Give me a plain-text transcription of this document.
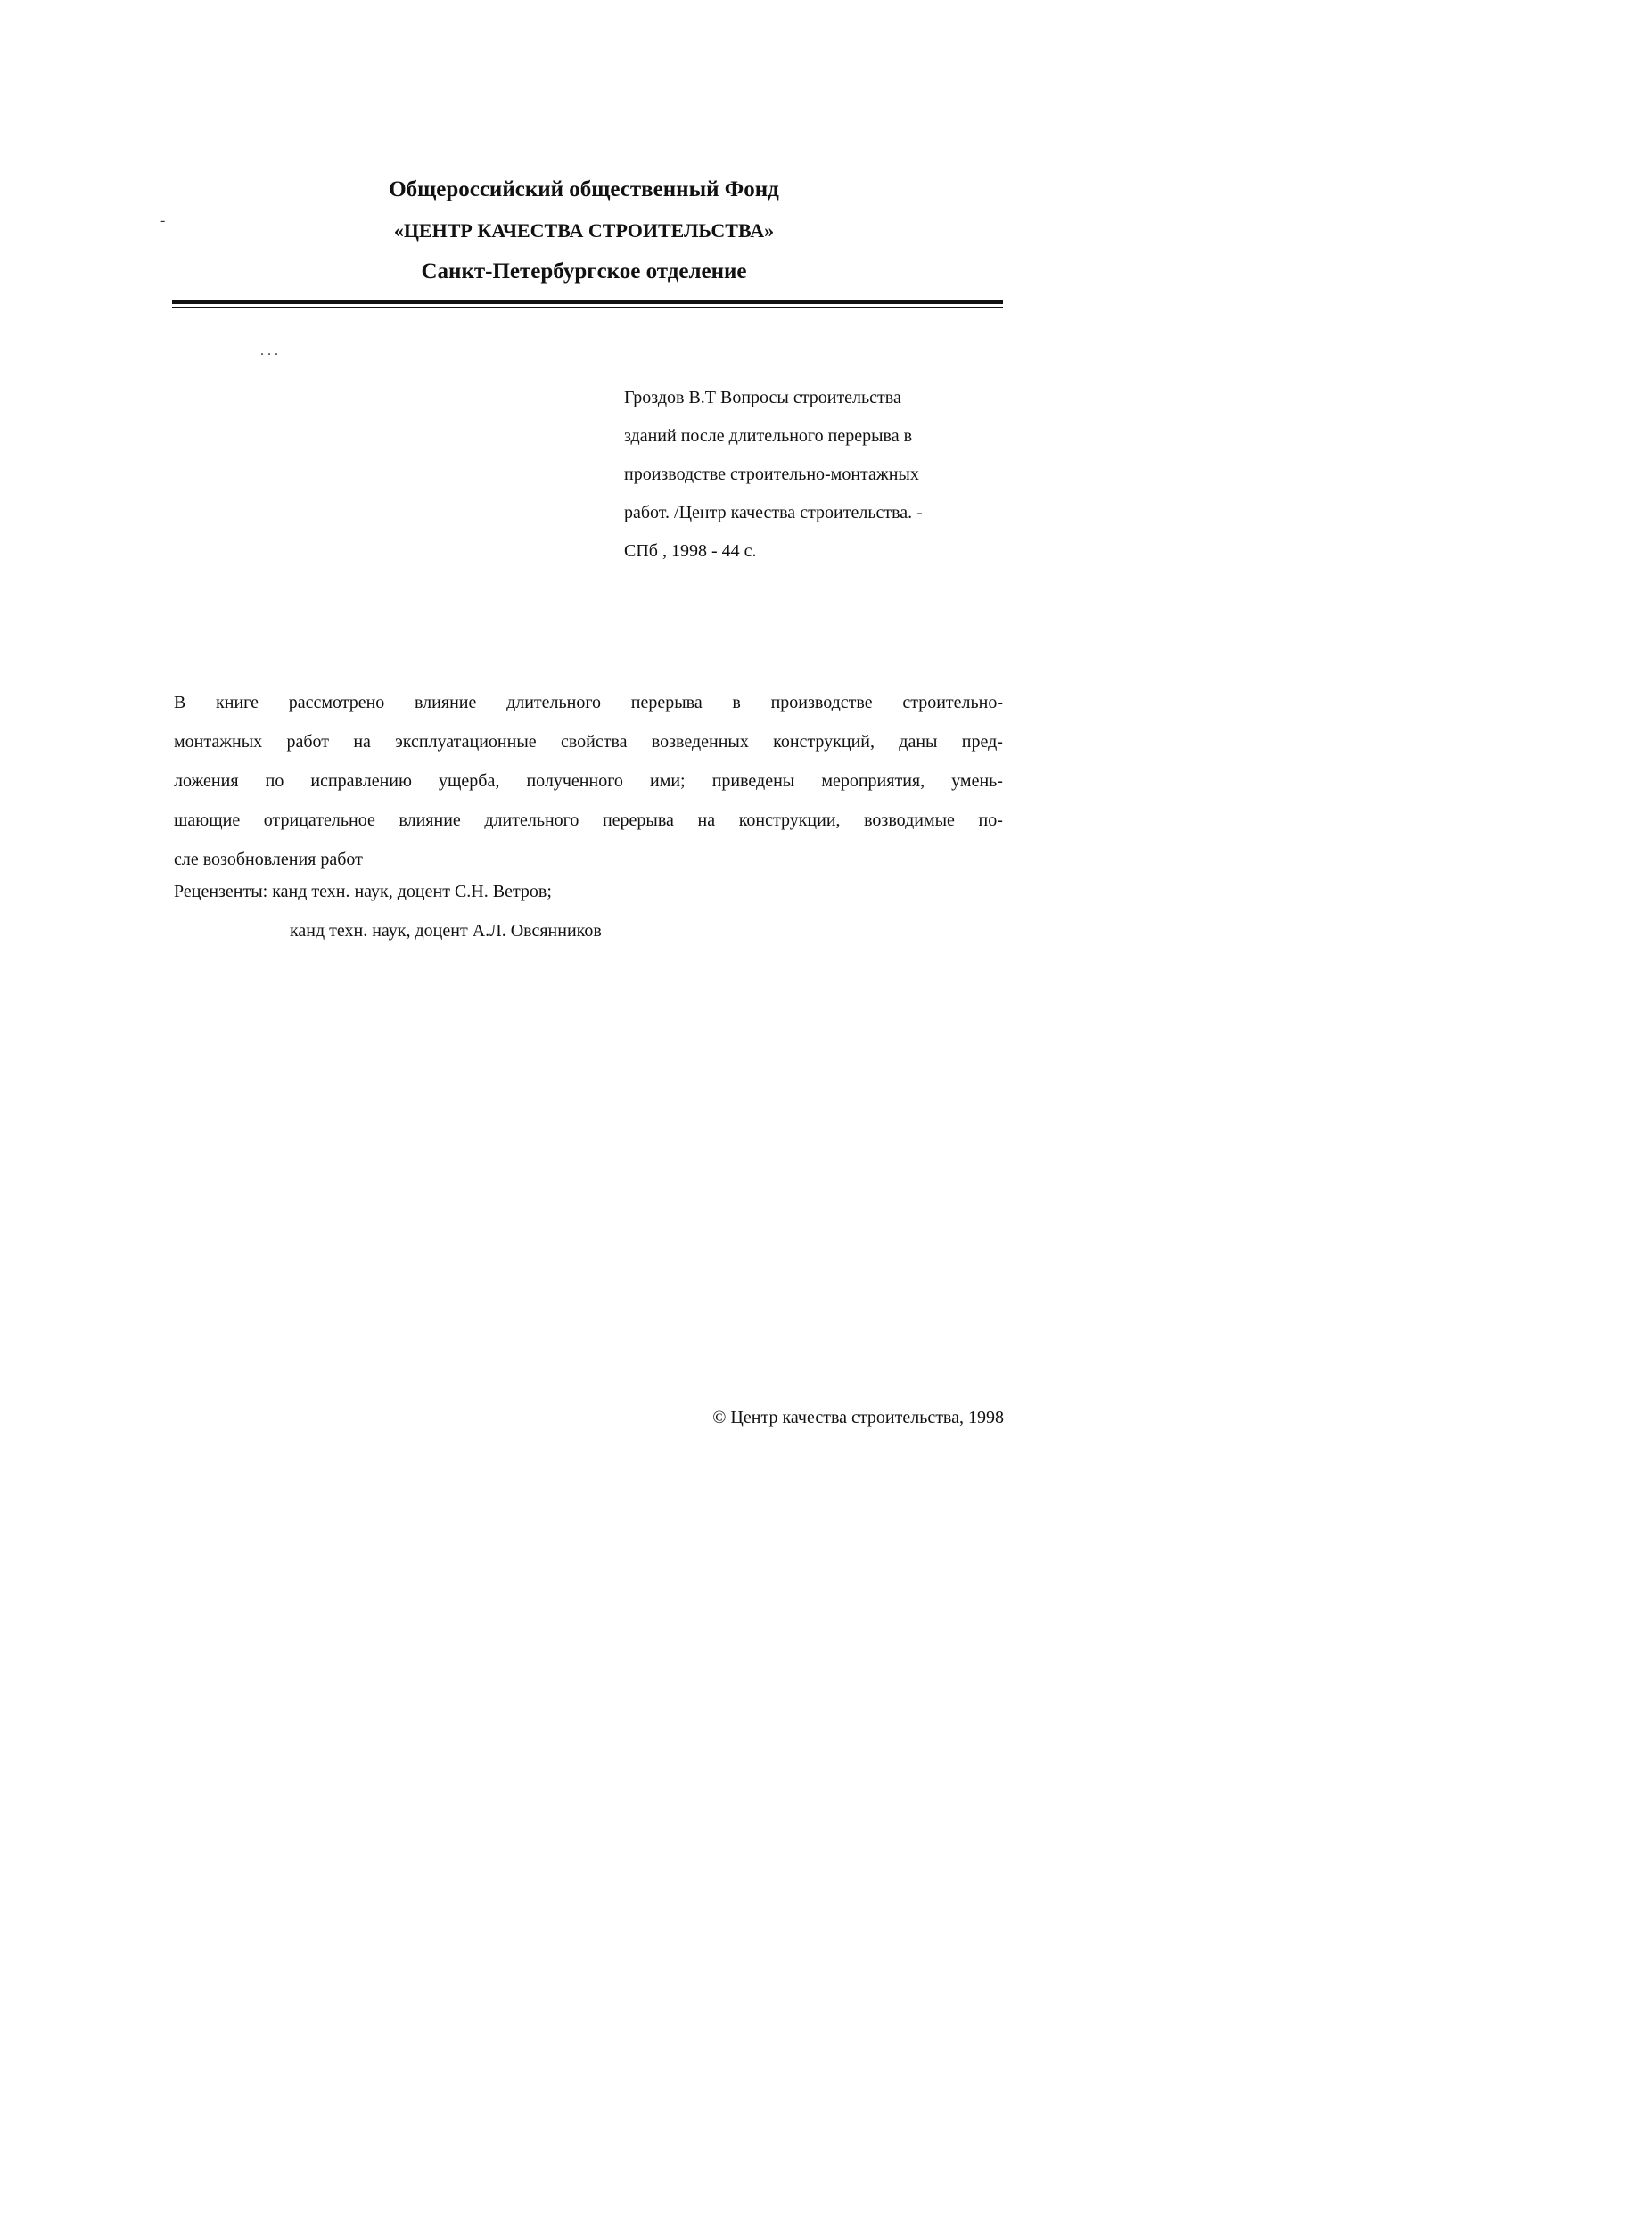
-
. . .
Общероссийский общественный Фонд
«ЦЕНТР КАЧЕСТВА СТРОИТЕЛЬСТВА»
Санкт-Петербургское отделение
Гроздов В.Т Вопросы строительства
зданий после длительного перерыва в
производстве строительно-монтажных
работ. /Центр качества строительства. -
СПб , 1998 - 44 с.
В книге рассмотрено влияние длительного перерыва в производстве строительно-
монтажных работ на эксплуатационные свойства возведенных конструкций, даны пред-
ложения по исправлению ущерба, полученного ими; приведены мероприятия, умень-
шающие отрицательное влияние длительного перерыва на конструкции, возводимые по-
сле возобновления работ
Рецензенты: канд техн. наук, доцент С.Н. Ветров;
канд техн. наук, доцент А.Л. Овсянников
© Центр качества строительства, 1998
